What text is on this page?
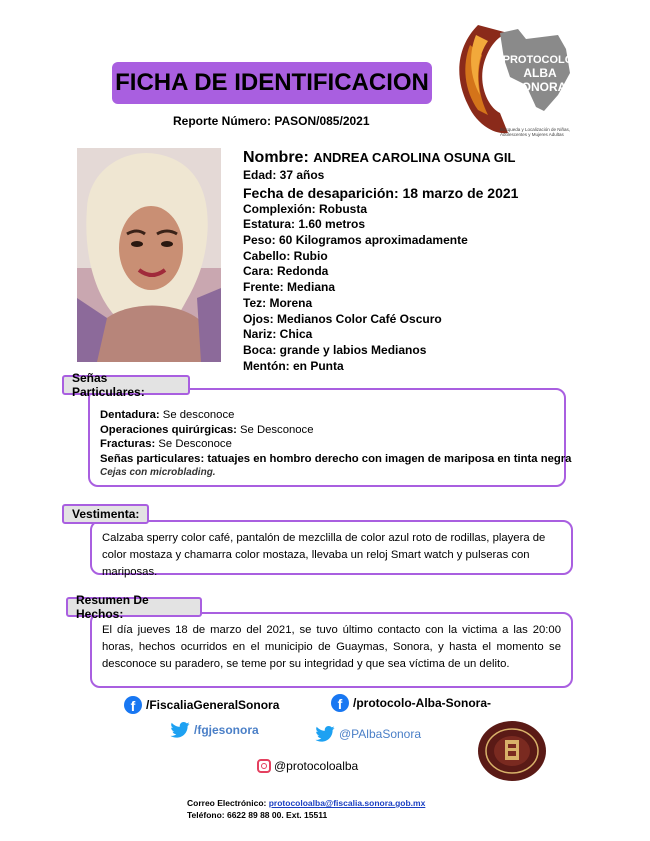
FICHA DE IDENTIFICACION
Reporte Número: PASON/085/2021
PROTOCOLO
ALBA
SONORA
Búsqueda y Localización de Niñas, Adolescentes y Mujeres Adultas
Nombre: ANDREA CAROLINA OSUNA GIL
Edad: 37 años
Fecha de desaparición: 18 marzo de 2021
Complexión: Robusta
Estatura: 1.60 metros
Peso: 60 Kilogramos aproximadamente
Cabello: Rubio
Cara: Redonda
Frente: Mediana
Tez: Morena
Ojos: Medianos Color Café Oscuro
Nariz: Chica
Boca: grande y labios Medianos
Mentón: en Punta
Dentadura: Se desconoce
Operaciones quirúrgicas: Se Desconoce
Fracturas: Se Desconoce
Señas particulares: tatuajes en hombro derecho con imagen de mariposa en tinta negra
Cejas con microblading.
Señas Particulares:
Calzaba sperry color café, pantalón de mezclilla de color azul roto de rodillas, playera de color mostaza y chamarra color mostaza, llevaba un reloj Smart watch y pulseras con mariposas.
Vestimenta:
El día jueves 18 de marzo del 2021, se tuvo último contacto con la victima a las 20:00 horas, hechos ocurridos en el municipio de Guaymas, Sonora, y hasta el momento se desconoce su paradero, se teme por su integridad y que sea víctima de un delito.
Resumen De Hechos:
f /FiscaliaGeneralSonora	f /protocolo-Alba-Sonora-
/fgjesonora	@PAlbaSonora
@protocoloalba
Correo Electrónico: protocoloalba@fiscalia.sonora.gob.mx
Teléfono: 6622 89 88 00. Ext. 15511
